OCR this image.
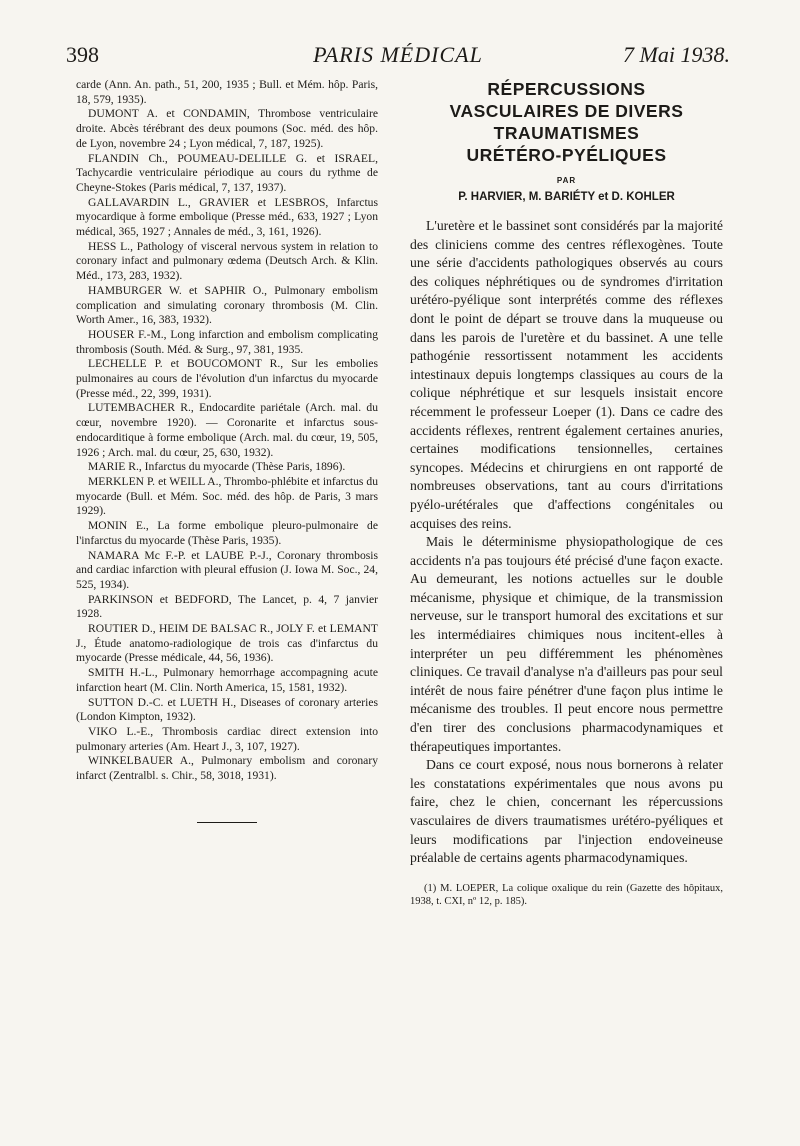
398	PARIS MÉDICAL	7 Mai 1938.

carde (Ann. An. path., 51, 200, 1935 ; Bull. et Mém. hôp. Paris, 18, 579, 1935).

DUMONT A. et CONDAMIN, Thrombose ventriculaire droite. Abcès térébrant des deux poumons (Soc. méd. des hôp. de Lyon, novembre 24 ; Lyon médical, 7, 187, 1925).

FLANDIN Ch., POUMEAU-DELILLE G. et ISRAEL, Tachycardie ventriculaire périodique au cours du rythme de Cheyne-Stokes (Paris médical, 7, 137, 1937).

GALLAVARDIN L., GRAVIER et LESBROS, Infarctus myocardique à forme embolique (Presse méd., 633, 1927 ; Lyon médical, 365, 1927 ; Annales de méd., 3, 161, 1926).

HESS L., Pathology of visceral nervous system in relation to coronary infact and pulmonary œdema (Deutsch Arch. & Klin. Méd., 173, 283, 1932).

HAMBURGER W. et SAPHIR O., Pulmonary embolism complication and simulating coronary thrombosis (M. Clin. Worth Amer., 16, 383, 1932).

HOUSER F.-M., Long infarction and embolism complicating thrombosis (South. Méd. & Surg., 97, 381, 1935.

LECHELLE P. et BOUCOMONT R., Sur les embolies pulmonaires au cours de l'évolution d'un infarctus du myocarde (Presse méd., 22, 399, 1931).

LUTEMBACHER R., Endocardite pariétale (Arch. mal. du cœur, novembre 1920). — Coronarite et infarctus sous-endocarditique à forme embolique (Arch. mal. du cœur, 19, 505, 1926 ; Arch. mal. du cœur, 25, 630, 1932).

MARIE R., Infarctus du myocarde (Thèse Paris, 1896).

MERKLEN P. et WEILL A., Thrombo-phlébite et infarctus du myocarde (Bull. et Mém. Soc. méd. des hôp. de Paris, 3 mars 1929).

MONIN E., La forme embolique pleuro-pulmonaire de l'infarctus du myocarde (Thèse Paris, 1935).

NAMARA Mc F.-P. et LAUBE P.-J., Coronary thrombosis and cardiac infarction with pleural effusion (J. Iowa M. Soc., 24, 525, 1934).

PARKINSON et BEDFORD, The Lancet, p. 4, 7 janvier 1928.

ROUTIER D., HEIM DE BALSAC R., JOLY F. et LEMANT J., Étude anatomo-radiologique de trois cas d'infarctus du myocarde (Presse médicale, 44, 56, 1936).

SMITH H.-L., Pulmonary hemorrhage accompagning acute infarction heart (M. Clin. North America, 15, 1581, 1932).

SUTTON D.-C. et LUETH H., Diseases of coronary arteries (London Kimpton, 1932).

VIKO L.-E., Thrombosis cardiac direct extension into pulmonary arteries (Am. Heart J., 3, 107, 1927).

WINKELBAUER A., Pulmonary embolism and coronary infarct (Zentralbl. s. Chir., 58, 3018, 1931).

RÉPERCUSSIONS
VASCULAIRES DE DIVERS
TRAUMATISMES
URÉTÉRO-PYÉLIQUES
PAR
P. HARVIER, M. BARIÉTY et D. KOHLER

L'uretère et le bassinet sont considérés par la majorité des cliniciens comme des centres réflexogènes. Toute une série d'accidents pathologiques observés au cours des coliques néphrétiques ou de syndromes d'irritation urétéro-pyélique sont interprétés comme des réflexes dont le point de départ se trouve dans la muqueuse ou dans les parois de l'uretère et du bassinet. A une telle pathogénie ressortissent notamment les accidents intestinaux depuis longtemps classiques au cours de la colique néphrétique et sur lesquels insistait encore récemment le professeur Loeper (1). Dans ce cadre des accidents réflexes, rentrent également certaines anuries, certaines modifications tensionnelles, certaines syncopes. Médecins et chirurgiens en ont rapporté de nombreuses observations, tant au cours d'irritations pyélo-urétérales que d'affections congénitales ou acquises des reins.

Mais le déterminisme physiopathologique de ces accidents n'a pas toujours été précisé d'une façon exacte. Au demeurant, les notions actuelles sur le double mécanisme, physique et chimique, de la transmission nerveuse, sur le transport humoral des excitations et sur les intermédiaires chimiques nous incitent-elles à interpréter un peu différemment les phénomènes cliniques. Ce travail d'analyse n'a d'ailleurs pas pour seul intérêt de nous faire pénétrer d'une façon plus intime le mécanisme des troubles. Il peut encore nous permettre d'en tirer des conclusions pharmacodynamiques et thérapeutiques importantes.

Dans ce court exposé, nous nous bornerons à relater les constatations expérimentales que nous avons pu faire, chez le chien, concernant les répercussions vasculaires de divers traumatismes urétéro-pyéliques et leurs modifications par l'injection endoveineuse préalable de certains agents pharmacodynamiques.

(1) M. LOEPER, La colique oxalique du rein (Gazette des hôpitaux, 1938, t. CXI, nº 12, p. 185).
